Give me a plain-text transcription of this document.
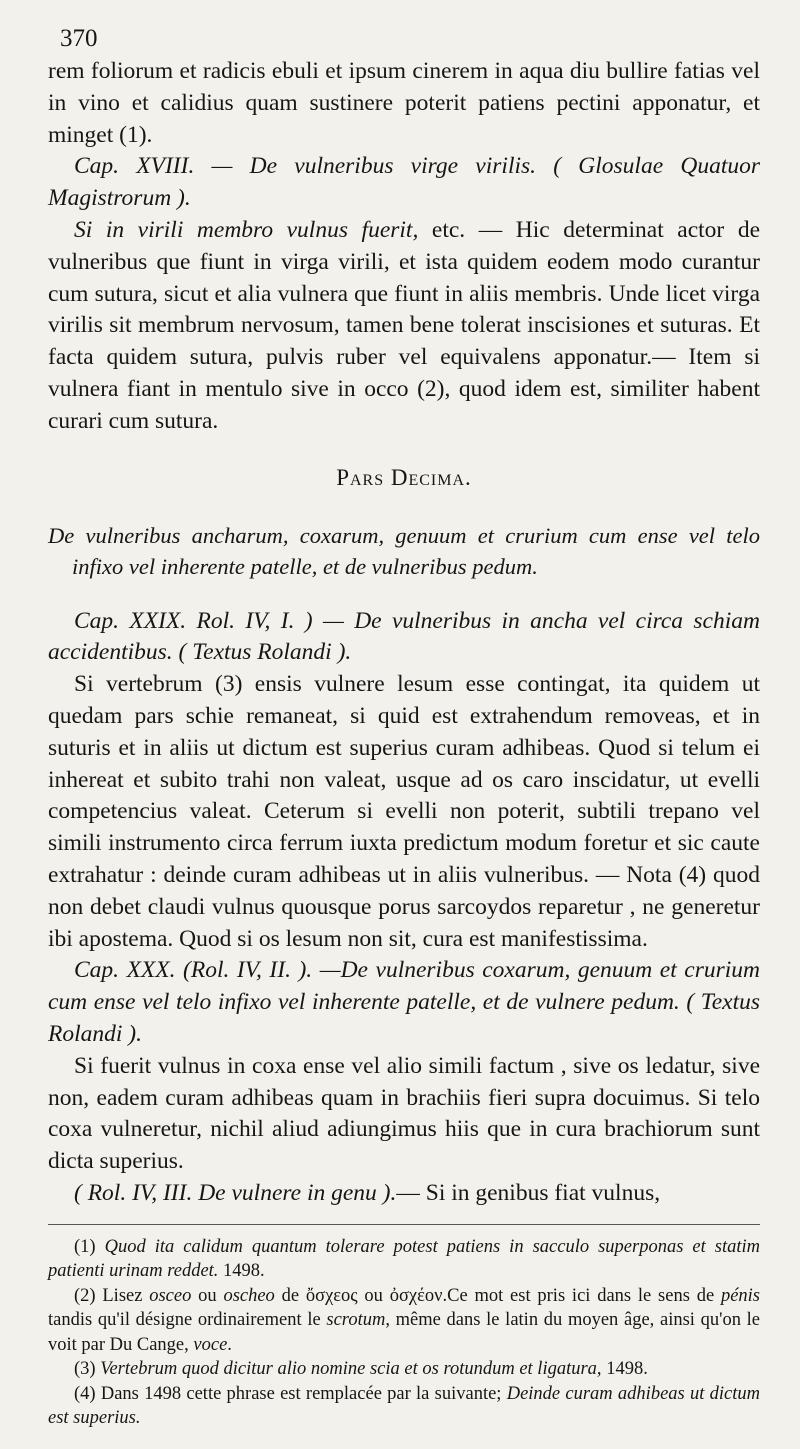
370

rem foliorum et radicis ebuli et ipsum cinerem in aqua diu bullire fatias vel in vino et calidius quam sustinere poterit patiens pectini apponatur, et minget (1).

Cap. XVIII. — De vulneribus virge virilis. ( Glosulae Quatuor Magistrorum ).

Si in virili membro vulnus fuerit, etc. — Hic determinat actor de vulneribus que fiunt in virga virili, et ista quidem eodem modo curantur cum sutura, sicut et alia vulnera que fiunt in aliis membris. Unde licet virga virilis sit membrum nervosum, tamen bene tolerat inscisiones et suturas. Et facta quidem sutura, pulvis ruber vel equivalens apponatur.— Item si vulnera fiant in mentulo sive in occo (2), quod idem est, similiter habent curari cum sutura.

Pars Decima.

De vulneribus ancharum, coxarum, genuum et crurium cum ense vel telo infixo vel inherente patelle, et de vulneribus pedum.

Cap. XXIX. Rol. IV, I. ) — De vulneribus in ancha vel circa schiam accidentibus. ( Textus Rolandi ).

Si vertebrum (3) ensis vulnere lesum esse contingat, ita quidem ut quedam pars schie remaneat, si quid est extrahendum removeas, et in suturis et in aliis ut dictum est superius curam adhibeas. Quod si telum ei inhereat et subito trahi non valeat, usque ad os caro inscidatur, ut evelli competencius valeat. Ceterum si evelli non poterit, subtili trepano vel simili instrumento circa ferrum iuxta predictum modum foretur et sic caute extrahatur : deinde curam adhibeas ut in aliis vulneribus. — Nota (4) quod non debet claudi vulnus quousque porus sarcoydos reparetur , ne generetur ibi apostema. Quod si os lesum non sit, cura est manifestissima.

Cap. XXX. (Rol. IV, II. ). —De vulneribus coxarum, genuum et crurium cum ense vel telo infixo vel inherente patelle, et de vulnere pedum. ( Textus Rolandi ).

Si fuerit vulnus in coxa ense vel alio simili factum , sive os ledatur, sive non, eadem curam adhibeas quam in brachiis fieri supra docuimus. Si telo coxa vulneretur, nichil aliud adiungimus hiis que in cura brachiorum sunt dicta superius.

( Rol. IV, III. De vulnere in genu ).— Si in genibus fiat vulnus,

(1) Quod ita calidum quantum tolerare potest patiens in sacculo superponas et statim patienti urinam reddet. 1498.

(2) Lisez osceo ou oscheo de ὄσχεος ou ὀσχέον.Ce mot est pris ici dans le sens de pénis tandis qu'il désigne ordinairement le scrotum, même dans le latin du moyen âge, ainsi qu'on le voit par Du Cange, voce.

(3) Vertebrum quod dicitur alio nomine scia et os rotundum et ligatura, 1498.

(4) Dans 1498 cette phrase est remplacée par la suivante; Deinde curam adhibeas ut dictum est superius.
